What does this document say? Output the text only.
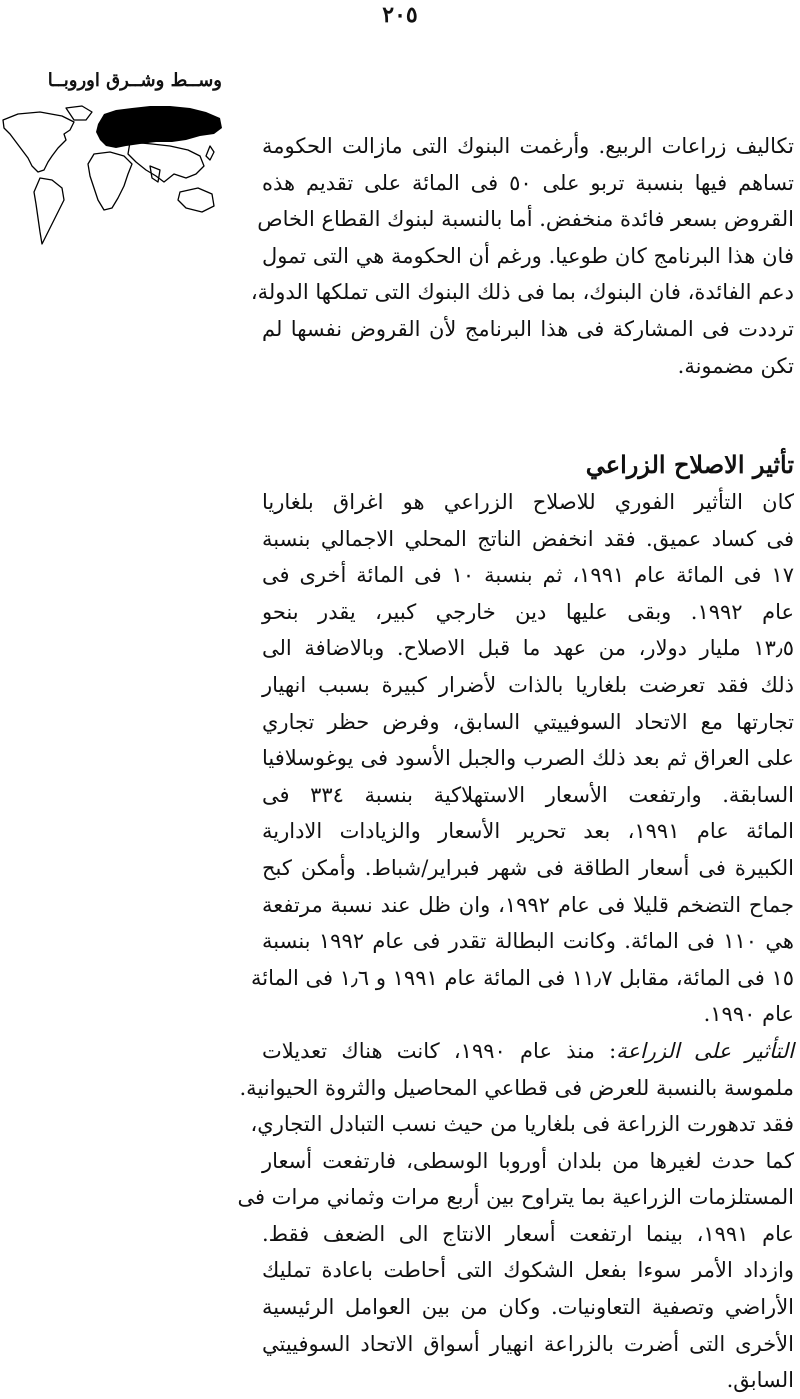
٢٠٥
وســط وشــرق اوروبــا
تكاليف زراعات الربيع. وأرغمت البنوك التى مازالت الحكومة
تساهم فيها بنسبة تربو على ٥٠ فى المائة على تقديم هذه
القروض بسعر فائدة منخفض. أما بالنسبة لبنوك القطاع الخاص
فان هذا البرنامج كان طوعيا. ورغم أن الحكومة هي التى تمول
دعم الفائدة، فان البنوك، بما فى ذلك البنوك التى تملكها الدولة،
ترددت فى المشاركة فى هذا البرنامج لأن القروض نفسها لم
تكن مضمونة.
تأثير الاصلاح الزراعي
كان التأثير الفوري للاصلاح الزراعي هو اغراق بلغاريا
فى كساد عميق. فقد انخفض الناتج المحلي الاجمالي بنسبة
١٧ فى المائة عام ١٩٩١، ثم بنسبة ١٠ فى المائة أخرى فى
عام ١٩٩٢. وبقى عليها دين خارجي كبير، يقدر بنحو
١٣٫٥ مليار دولار، من عهد ما قبل الاصلاح. وبالاضافة الى
ذلك فقد تعرضت بلغاريا بالذات لأضرار كبيرة بسبب انهيار
تجارتها مع الاتحاد السوفييتي السابق، وفرض حظر تجاري
على العراق ثم بعد ذلك الصرب والجبل الأسود فى يوغوسلافيا
السابقة. وارتفعت الأسعار الاستهلاكية بنسبة ٣٣٤ فى
المائة عام ١٩٩١، بعد تحرير الأسعار والزيادات الادارية
الكبيرة فى أسعار الطاقة فى شهر فبراير/شباط. وأمكن كبح
جماح التضخم قليلا فى عام ١٩٩٢، وان ظل عند نسبة مرتفعة
هي ١١٠ فى المائة. وكانت البطالة تقدر فى عام ١٩٩٢ بنسبة
١٥ فى المائة، مقابل ١١٫٧ فى المائة عام ١٩٩١ و ١٫٦ فى المائة
عام ١٩٩٠.
التأثير على الزراعة: منذ عام ١٩٩٠، كانت هناك تعديلات
ملموسة بالنسبة للعرض فى قطاعي المحاصيل والثروة الحيوانية.
فقد تدهورت الزراعة فى بلغاريا من حيث نسب التبادل التجاري،
كما حدث لغيرها من بلدان أوروبا الوسطى، فارتفعت أسعار
المستلزمات الزراعية بما يتراوح بين أربع مرات وثماني مرات فى
عام ١٩٩١، بينما ارتفعت أسعار الانتاج الى الضعف فقط.
وازداد الأمر سوءا بفعل الشكوك التى أحاطت باعادة تمليك
الأراضي وتصفية التعاونيات. وكان من بين العوامل الرئيسية
الأخرى التى أضرت بالزراعة انهيار أسواق الاتحاد السوفييتي
السابق.
